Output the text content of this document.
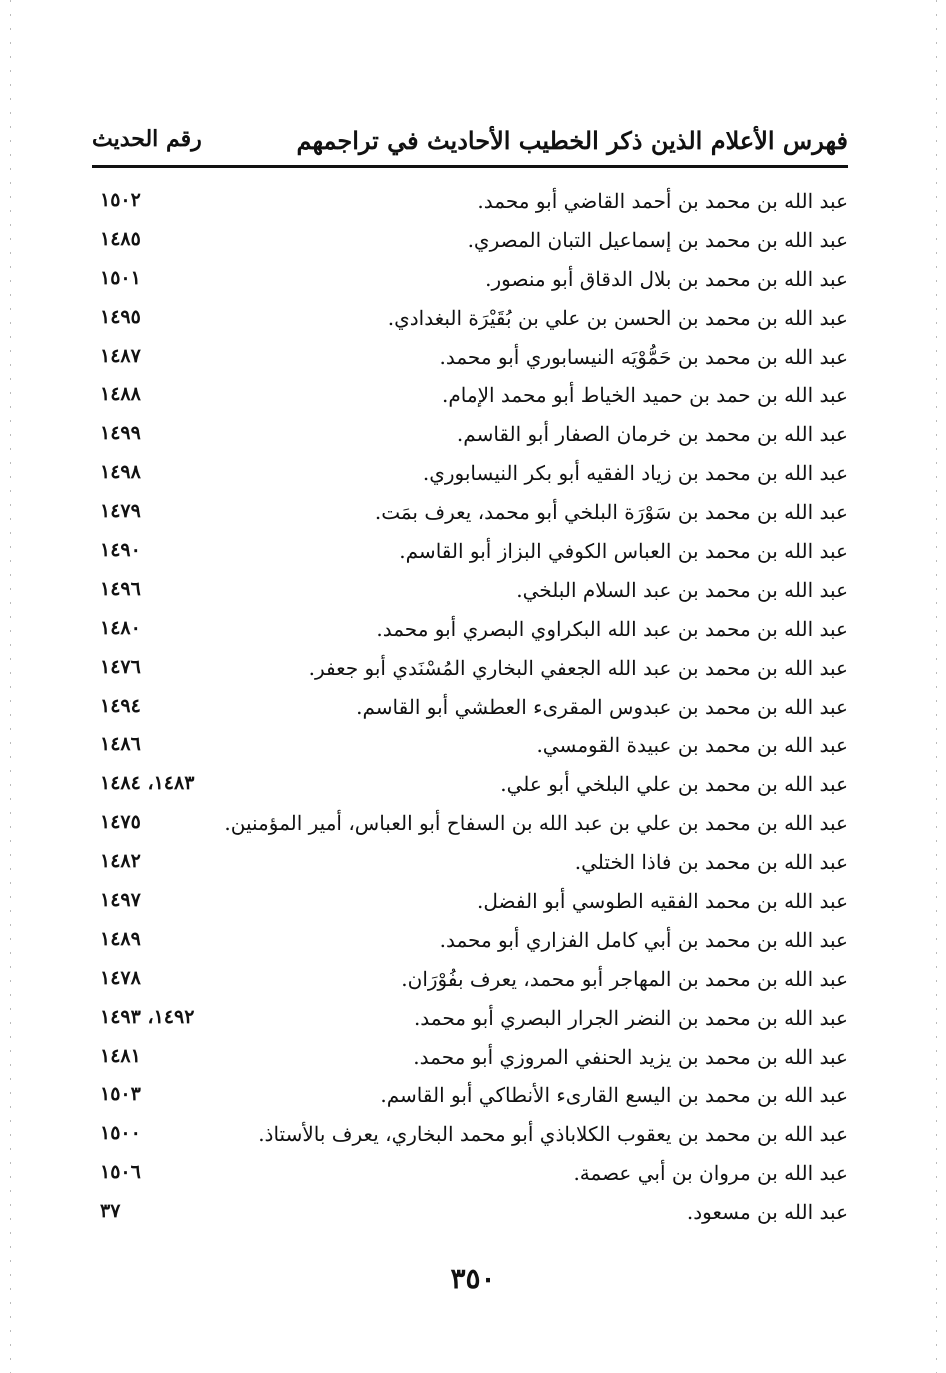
فهرس الأعلام الذين ذكر الخطيب الأحاديث في تراجمهم
رقم الحديث
عبد الله بن محمد بن أحمد القاضي أبو محمد.
١٥٠٢
عبد الله بن محمد بن إسماعيل التبان المصري.
١٤٨٥
عبد الله بن محمد بن بلال الدقاق أبو منصور.
١٥٠١
عبد الله بن محمد بن الحسن بن علي بن بُقَيْرَة البغدادي.
١٤٩٥
عبد الله بن محمد بن حَمُّوْيَه النيسابوري أبو محمد.
١٤٨٧
عبد الله بن حمد بن حميد الخياط أبو محمد الإمام.
١٤٨٨
عبد الله بن محمد بن خرمان الصفار أبو القاسم.
١٤٩٩
عبد الله بن محمد بن زياد الفقيه أبو بكر النيسابوري.
١٤٩٨
عبد الله بن محمد بن سَوْرَة البلخي أبو محمد، يعرف بمَت.
١٤٧٩
عبد الله بن محمد بن العباس الكوفي البزاز أبو القاسم.
١٤٩٠
عبد الله بن محمد بن عبد السلام البلخي.
١٤٩٦
عبد الله بن محمد بن عبد الله البكراوي البصري أبو محمد.
١٤٨٠
عبد الله بن محمد بن عبد الله الجعفي البخاري المُسْنَدي أبو جعفر.
١٤٧٦
عبد الله بن محمد بن عبدوس المقرىء العطشي أبو القاسم.
١٤٩٤
عبد الله بن محمد بن عبيدة القومسي.
١٤٨٦
عبد الله بن محمد بن علي البلخي أبو علي.
١٤٨٣، ١٤٨٤
عبد الله بن محمد بن علي بن عبد الله بن السفاح أبو العباس، أمير المؤمنين.
١٤٧٥
عبد الله بن محمد بن فاذا الختلي.
١٤٨٢
عبد الله بن محمد الفقيه الطوسي أبو الفضل.
١٤٩٧
عبد الله بن محمد بن أبي كامل الفزاري أبو محمد.
١٤٨٩
عبد الله بن محمد بن المهاجر أبو محمد، يعرف بفُوْرَان.
١٤٧٨
عبد الله بن محمد بن النضر الجرار البصري أبو محمد.
١٤٩٢، ١٤٩٣
عبد الله بن محمد بن يزيد الحنفي المروزي أبو محمد.
١٤٨١
عبد الله بن محمد بن اليسع القارىء الأنطاكي أبو القاسم.
١٥٠٣
عبد الله بن محمد بن يعقوب الكلاباذي أبو محمد البخاري، يعرف بالأستاذ.
١٥٠٠
عبد الله بن مروان بن أبي عصمة.
١٥٠٦
عبد الله بن مسعود.
٣٧
٣٥٠
